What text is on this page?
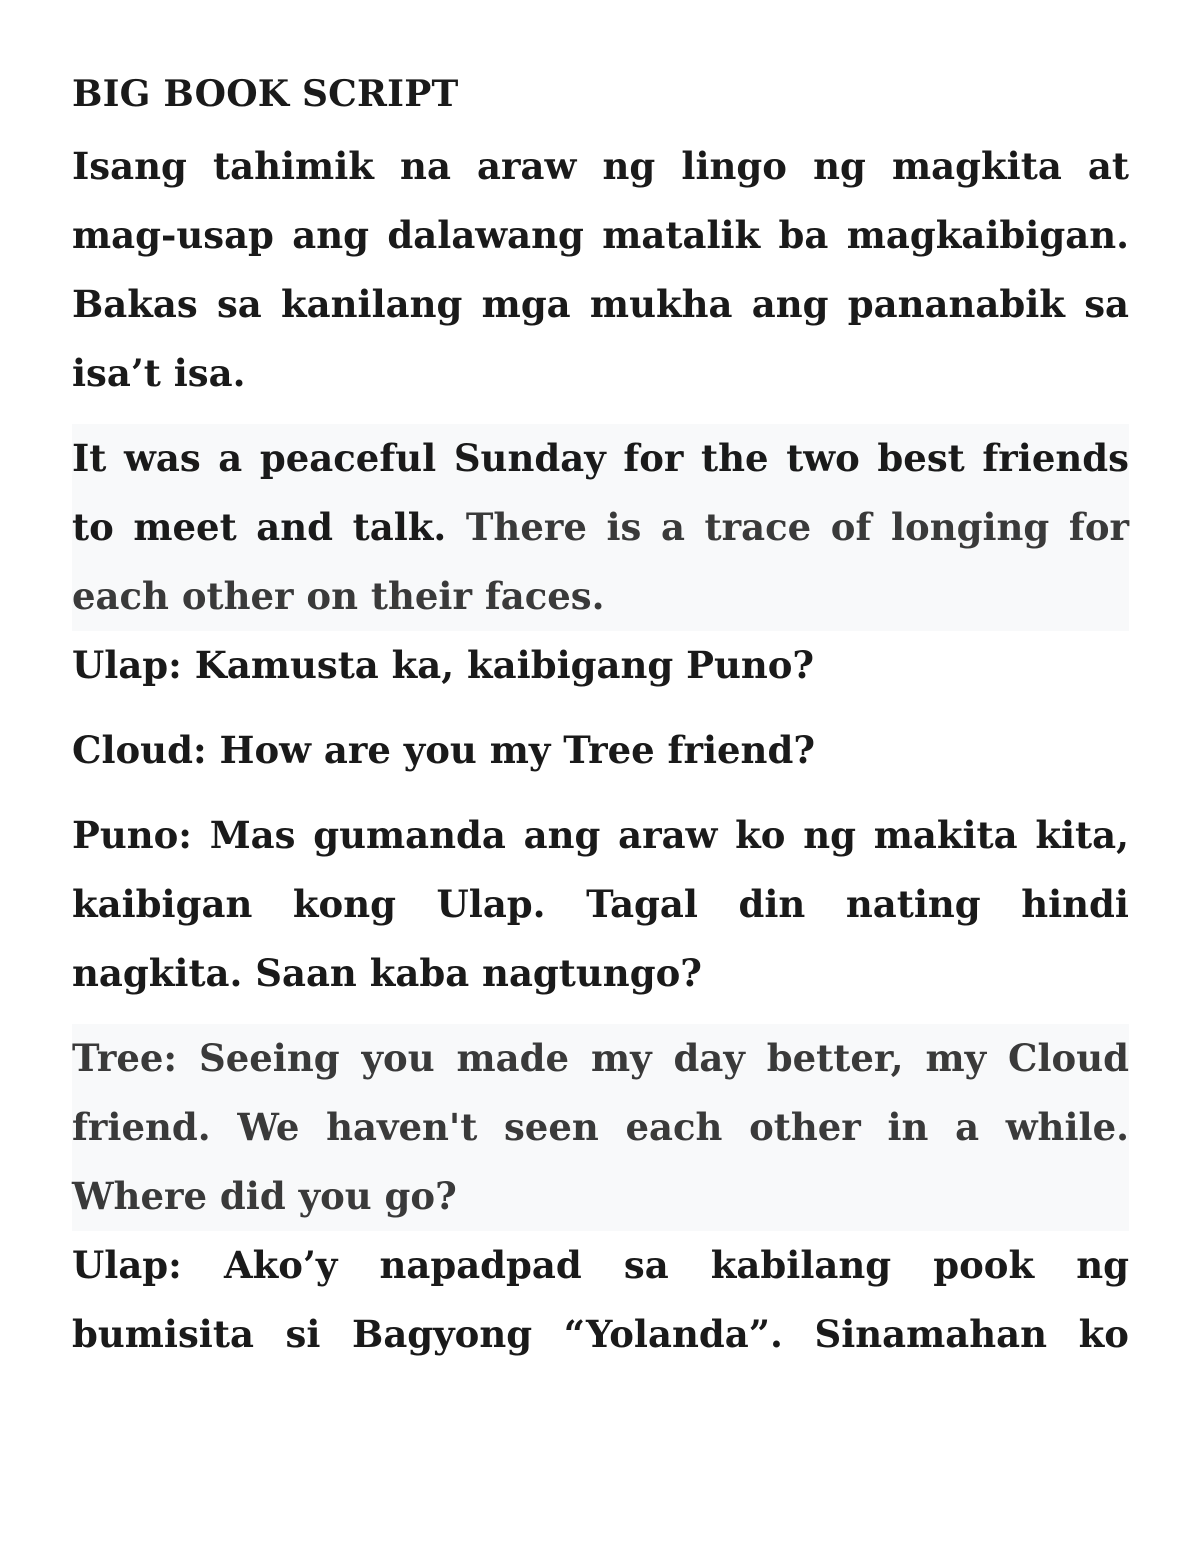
BIG BOOK SCRIPT

Isang tahimik na araw ng lingo ng magkita at mag-usap ang dalawang matalik ba magkaibigan. Bakas sa kanilang mga mukha ang pananabik sa isa’t isa.

It was a peaceful Sunday for the two best friends to meet and talk. There is a trace of longing for each other on their faces.

Ulap: Kamusta ka, kaibigang Puno?

Cloud: How are you my Tree friend?

Puno: Mas gumanda ang araw ko ng makita kita, kaibigan kong Ulap. Tagal din nating hindi nagkita. Saan kaba nagtungo?

Tree: Seeing you made my day better, my Cloud friend. We haven't seen each other in a while. Where did you go?

Ulap: Ako’y napadpad sa kabilang pook ng bumisita si Bagyong “Yolanda”. Sinamahan ko
